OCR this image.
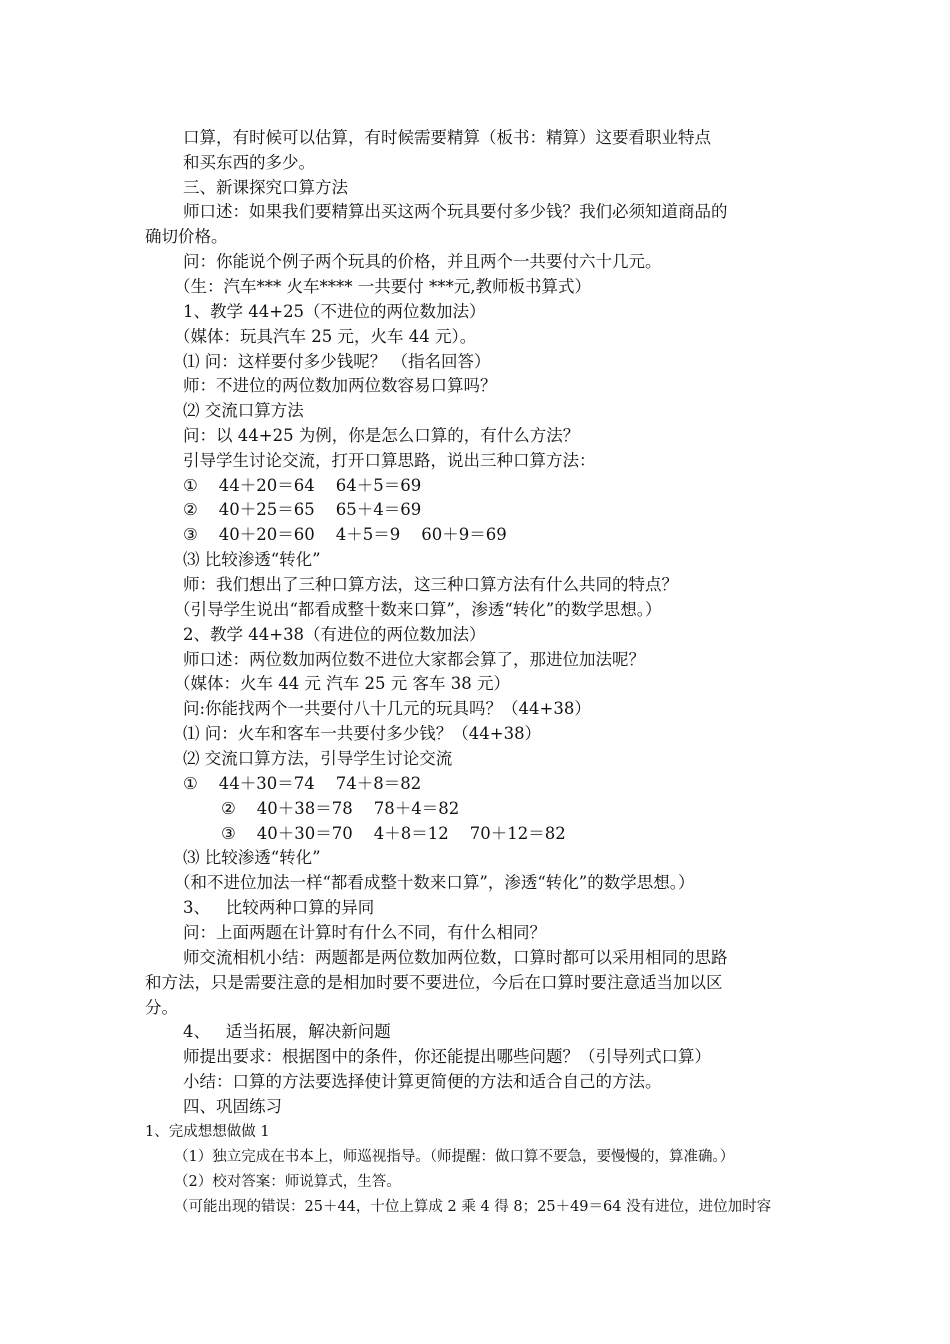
口算，有时候可以估算，有时候需要精算（板书：精算）这要看职业特点
和买东西的多少。
三、新课探究口算方法
师口述：如果我们要精算出买这两个玩具要付多少钱？我们必须知道商品的
确切价格。
问：你能说个例子两个玩具的价格，并且两个一共要付六十几元。
（生：汽车*** 火车**** 一共要付 ***元,教师板书算式）
1、教学 44+25（不进位的两位数加法）
（媒体：玩具汽车 25 元，火车 44 元）。
⑴ 问：这样要付多少钱呢？ （指名回答）
师：不进位的两位数加两位数容易口算吗？
⑵ 交流口算方法
问：以 44+25 为例，你是怎么口算的，有什么方法？
引导学生讨论交流，打开口算思路，说出三种口算方法：
①    44＋20＝64    64＋5＝69
②    40＋25＝65    65＋4＝69
③    40＋20＝60    4＋5＝9    60＋9＝69
⑶ 比较渗透“转化”
师：我们想出了三种口算方法，这三种口算方法有什么共同的特点？
（引导学生说出“都看成整十数来口算”，渗透“转化”的数学思想。）
2、教学 44+38（有进位的两位数加法）
师口述：两位数加两位数不进位大家都会算了，那进位加法呢？
（媒体：火车 44 元 汽车 25 元 客车 38 元）
问:你能找两个一共要付八十几元的玩具吗？（44+38）
⑴ 问：火车和客车一共要付多少钱？（44+38）
⑵ 交流口算方法，引导学生讨论交流
①    44＋30＝74    74＋8＝82
②    40＋38＝78    78＋4＝82
③    40＋30＝70    4＋8＝12    70＋12＝82
⑶ 比较渗透“转化”
（和不进位加法一样“都看成整十数来口算”，渗透“转化”的数学思想。）
3、   比较两种口算的异同
问：上面两题在计算时有什么不同，有什么相同？
师交流相机小结：两题都是两位数加两位数，口算时都可以采用相同的思路
和方法，只是需要注意的是相加时要不要进位，今后在口算时要注意适当加以区
分。
4、   适当拓展，解决新问题
师提出要求：根据图中的条件，你还能提出哪些问题？（引导列式口算）
小结：口算的方法要选择使计算更简便的方法和适合自己的方法。
四、巩固练习
1、完成想想做做 1
（1）独立完成在书本上，师巡视指导。（师提醒：做口算不要急，要慢慢的，算准确。）
（2）校对答案：师说算式，生答。
（可能出现的错误：25＋44，十位上算成 2 乘 4 得 8；25＋49＝64 没有进位，进位加时容
